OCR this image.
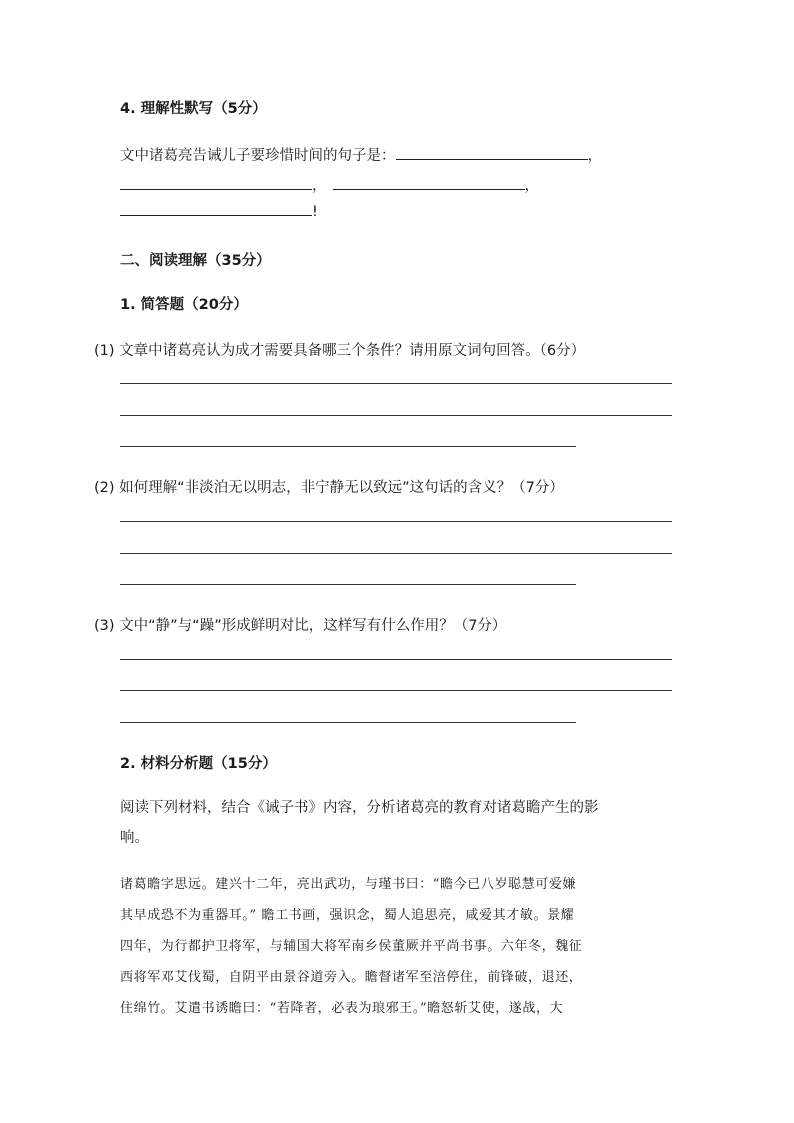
4. 理解性默写（5分）
文中诸葛亮告诫儿子要珍惜时间的句子是：	，
，	，
!
二、阅读理解（35分）
1. 简答题（20分）
(1) 文章中诸葛亮认为成才需要具备哪三个条件？请用原文词句回答。（6分）
(2) 如何理解“非淡泊无以明志，非宁静无以致远”这句话的含义？（7分）
(3) 文中“静”与“躁”形成鲜明对比，这样写有什么作用？（7分）
2. 材料分析题（15分）
阅读下列材料，结合《诫子书》内容，分析诸葛亮的教育对诸葛瞻产生的影
响。
诸葛瞻字思远。建兴十二年，亮出武功，与瑾书曰：“瞻今已八岁聪慧可爱嫌
其早成恐不为重器耳。” 瞻工书画，强识念，蜀人追思亮，咸爱其才敏。景耀
四年，为行都护卫将军，与辅国大将军南乡侯董厥并平尚书事。六年冬，魏征
西将军邓艾伐蜀，自阴平由景谷道旁入。瞻督诸军至涪停住，前锋破，退还，
住绵竹。艾遣书诱瞻曰：“若降者，必表为琅邪王。”瞻怒斩艾使，遂战，大
